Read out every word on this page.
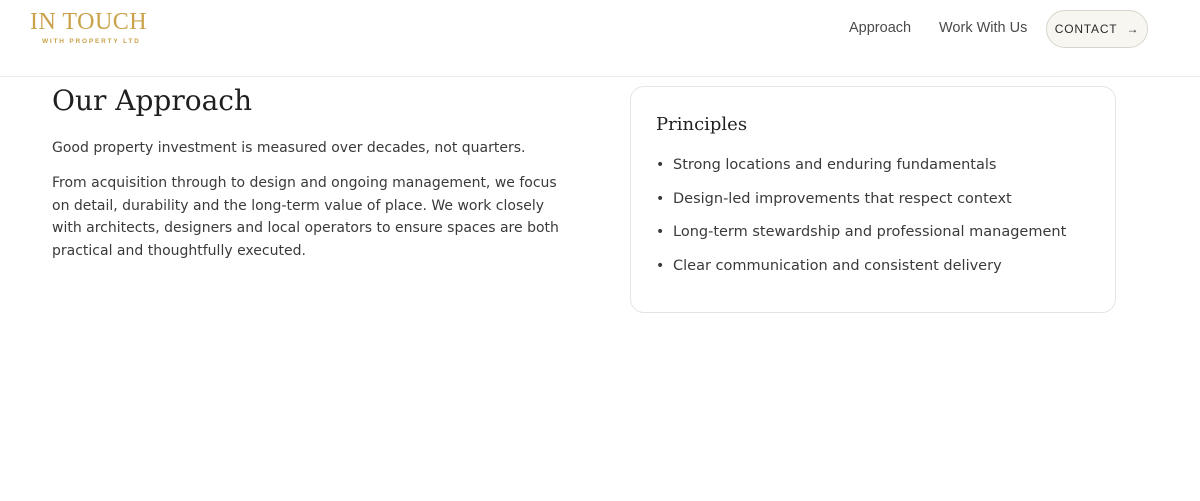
IN TOUCH
WITH PROPERTY LTD
Approach Work With Us CONTACT →
Our Approach

Good property investment is measured over decades, not quarters.

From acquisition through to design and ongoing management, we focus on detail, durability and the long-term value of place. We work closely with architects, designers and local operators to ensure spaces are both practical and thoughtfully executed.

Principles
• Strong locations and enduring fundamentals
• Design-led improvements that respect context
• Long-term stewardship and professional management
• Clear communication and consistent delivery
